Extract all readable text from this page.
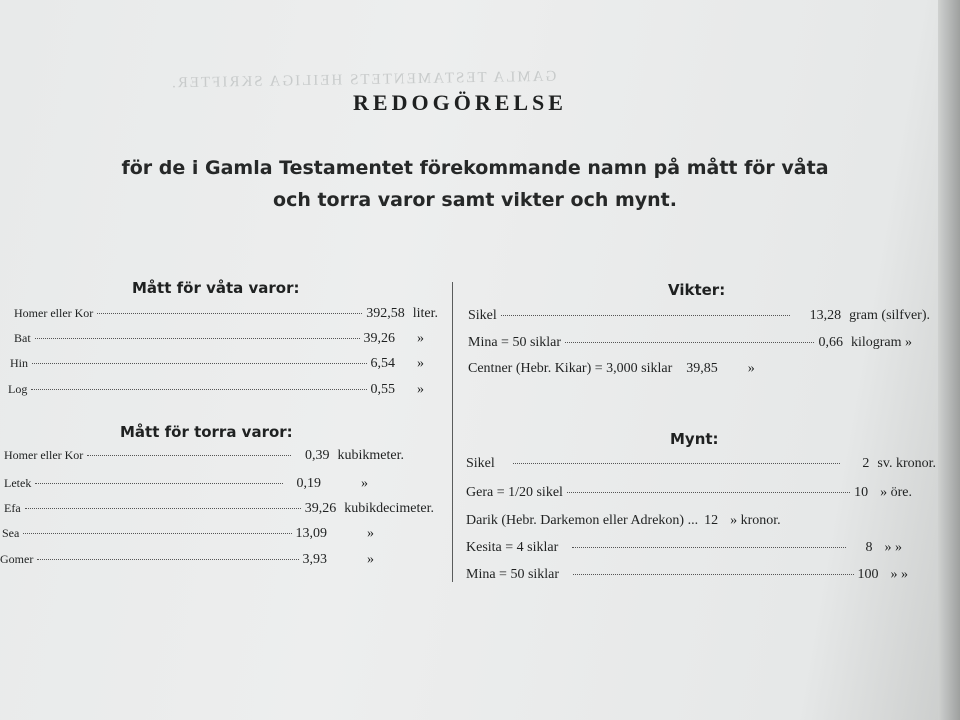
GAMLA TESTAMENTETS HEILIGA SKRIFTER.
REDOGÖRELSE
för de i Gamla Testamentet förekommande namn på mått för våta
och torra varor samt vikter och mynt.
Mått för våta varor:
Homer eller Kor	392,58 liter.
Bat	39,26 »
Hin	6,54 »
Log	0,55 »
Mått för torra varor:
Homer eller Kor	0,39 kubikmeter.
Letek	0,19	»
Efa	39,26 kubikdecimeter.
Sea	13,09	»
Gomer	3,93	»
Vikter:
Sikel	13,28 gram (silfver).
Mina = 50 siklar	0,66 kilogram »
Centner (Hebr. Kikar) = 3,000 siklar 39,85 »
Mynt:
Sikel	2 sv. kronor.
Gera = 1/20 sikel	10 » öre.
Darik (Hebr. Darkemon eller Adrekon) ... 12 » kronor.
Kesita = 4 siklar	8 » »
Mina = 50 siklar	100 » »
